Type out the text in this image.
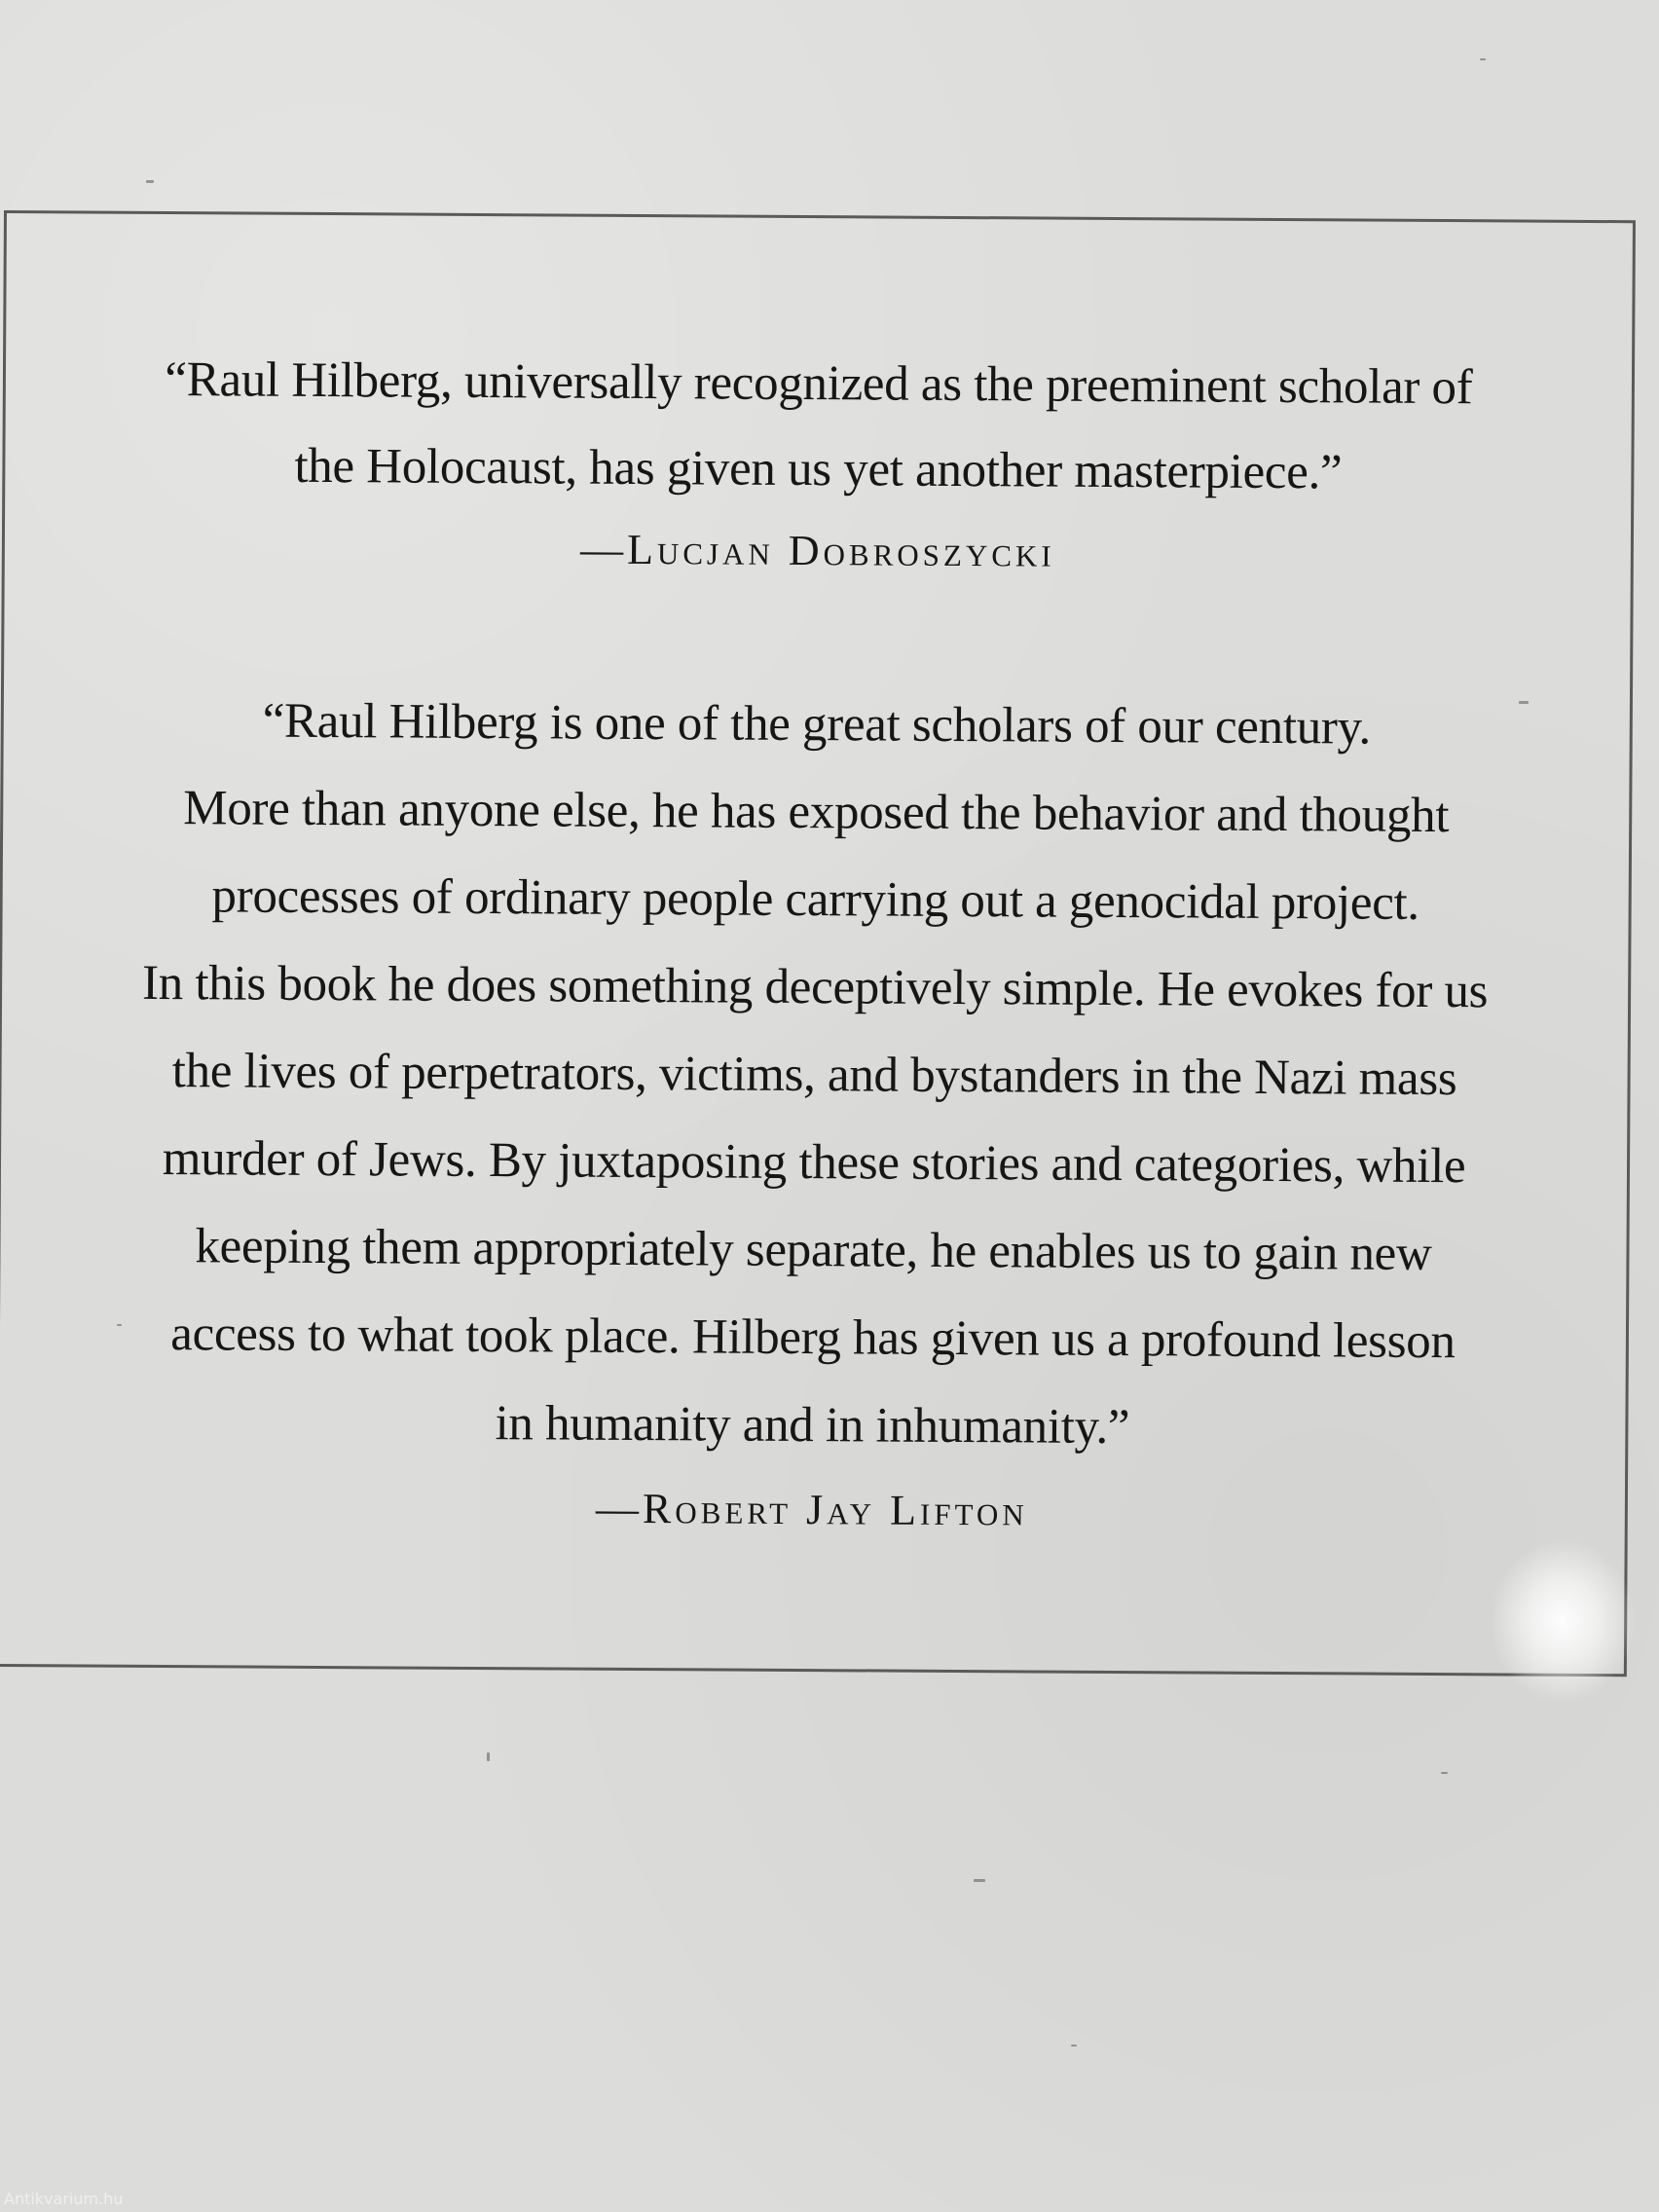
“Raul Hilberg, universally recognized as the preeminent scholar of
the Holocaust, has given us yet another masterpiece.”
—Lucjan Dobroszycki
“Raul Hilberg is one of the great scholars of our century.
More than anyone else, he has exposed the behavior and thought
processes of ordinary people carrying out a genocidal project.
In this book he does something deceptively simple. He evokes for us
the lives of perpetrators, victims, and bystanders in the Nazi mass
murder of Jews. By juxtaposing these stories and categories, while
keeping them appropriately separate, he enables us to gain new
access to what took place. Hilberg has given us a profound lesson
in humanity and in inhumanity.”
—Robert Jay Lifton
Antikvarium.hu
